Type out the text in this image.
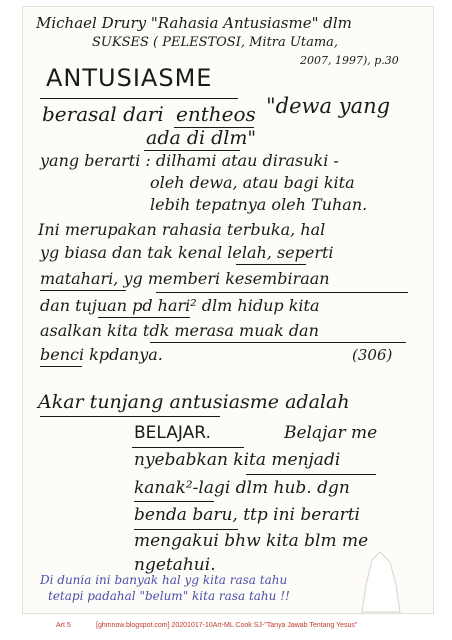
Michael Drury "Rahasia Antusiasme" dlm
SUKSES ( PELESTOSI, Mitra Utama,
2007, 1997), p.30
ANTUSIASME
berasal dari entheos "dewa yang
ada di dlm"
yang berarti : dilhami atau dirasuki -
oleh dewa, atau bagi kita
lebih tepatnya oleh Tuhan.
Ini merupakan rahasia terbuka, hal
yg biasa dan tak kenal lelah, seperti
matahari, yg memberi kesembiraan
dan tujuan pd hari² dlm hidup kita
asalkan kita tdk merasa muak dan
benci kpdanya.	(306)
Akar tunjang antusiasme adalah
BELAJAR.	Belajar me
nyebabkan kita menjadi
kanak²-lagi dlm hub. dgn
benda baru, ttp ini berarti
mengakui bhw kita blm me
ngetahui.
Di dunia ini banyak hal yg kita rasa tahu
tetapi padahal "belum" kita rasa tahu !!
Art 5	[ghmnow.blogspot.com] 20201017-10Art-ML Cook SJ-"Tanya Jawab Tentang Yesus"
